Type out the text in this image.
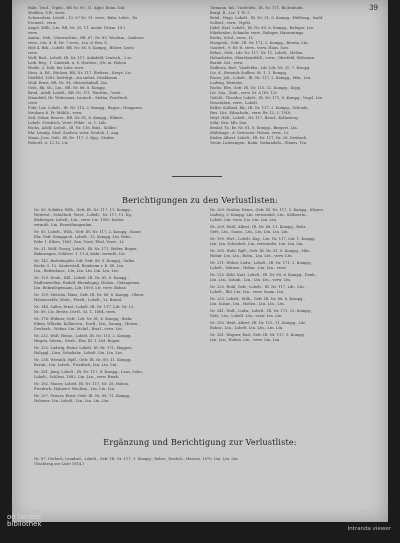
39
Bähr, Trud., Trpfst., RR Nr. 89, 11. Kgkv. Entm. Ind.
Weiblen, V.W., verst.
Scheuerlein, Lobelt., 13. 87 Nr. 91, verw., Bähr. Lobst., Ex
Fromerl., verw.
Augel, Wilh., Ltn. RR. Nr. 35, 11. Ausbr. (Niem. 18.)
verw.
Amtm., Neh., Vizewachtm., RR. 87, Nr. 89, Wachtm., Ganhuss
verw., Ltn. d. R. Nr. 7 verw., Ltn. d. Rrn. 8.
Heß 4. Bsk., Lobelt. RR. Nr. 88, 8. Kompg., Bölzer, Leuts
verw.
Wolf, Rud., Lobelt. IR. Nr. 117, Auksfeld, Leutsch., 2 m.
Leib.-Reg., 1. Lindenh. u. 8. Hartenr.; (Nr. m. Hohen
Weiße, 2. Neb. bei Lohr, verw.
Hess, A. Ed., Rücken, RR. Nr. 117, Etehess., Kreys, Ltr.
Dieffeld, 1083, befrdrgt., ein siehet, Orisklomm
Wolf, Ernst, RR. Nr. 94, Obersohnhall, Ltn.
Gefr., Rk. Sh., Ltn., RR. Nr. 88, 8. Kompg.
Brud., Adolf, Lobelt., RR. Nr. 171, Wachtm., Vorst
Mannfeld, Hr. Wobenaux, Leutsch., Stefan, Friedrich.
verw.
Fuhr, Lex. Lobelt., IR. Nr. 115, 2. Kompg., Bagen., Hungarus,
Neuhaus b. Fr. Mühlh., verw.
Zeil, Oskar, Reserv., RR. Nr. 81, 6. Kompg., Ebbert,
Lobelt. Friedrich, Verst. Pöhle., st. 1. Lüb.
Rochs, Adolf, Lobelt., IR. Nr. 116, Bolz., Sidder,
Ehr. Lennip, Stod. Saulvor, verw. Neulob. 1. Aug.
Mann, Jose, Gefr., IR. Nr. 117, 2. Kpg., Stuber.
Reberft, d. 12.12. Ltr.
Tiemann, Inf., Vizefeldw., IR. Nr. 171, Bickenhofn.
Bergl. R., Ltz. T. IV. 5.
Brüd., Hugo, Lobelt., IR. Nr. 31, 6. Kompg., Hülfssag., Sadd.
Sollenf., verw., Trpfst.
Jüdel, Karl, Lobelt., IR. Nr. 89, 6. Kompg., Bubiger, Ltn.
Eibekvalen, Schmdw. verw., Bubiger, Hausentmgs
Rochs, Schd., verw., Lt.
Mosgenb., Gefr., IR. Nr. 171, 2. Kompg., Breuin, Ltn.
Gauterf., 9. Hr. H. verw., verw. Haus. Saw.
Böhm., Gefr., Ldr. Nr. 117, Nr. 11, Lobelt., Hohen.
Hohnebelse, Oberrheinfeldl., verw., Oberfeld, Wöhrmsn.
Barnlr. Sal., verw.
Zeilborn, Rud., Vizefeldw., Ldr. Ldr. Nr. 21, 7. Kompg.
Ltz. d., Besonds Sodbes. St. 1, 1. Rompg.
Rozes, Joh., Lobelt., IR. Nr. 117, 2. Kompg., Mkr., Ltn.
Ludwig, Wentzhs.
Rochs, Ebr., Gefr. IR. Nr. 115, 12. Kompg., Kopp.
Ltz. Zen., Stab., verw. St. 6 (Nr. 12).
Gefchl., Theodor, Lobelt., IR. Nr. 171, 8. Kompg., Vogel, Ltn.
Neustuben, verw., Lobelt.
Keller, Kollmel. Rk., IR. Nr. 117, 2. Kompg., Schonla.
Hes. Lhr., Eibachofn., verw. Br. 12, 2, 1918.
Weyl, Hild., Lobelt., Nr. 117, Beruf., Kollnsterg.
Söhr, Nrn. Mlr. Sen.
Beulaf, Tr., Rr. Nr. 81, 6. Kompg., Burgert, Ltn.
Mühlenge., d. Ortsvorst. Hohen. verw., Lt.
Kiefer, Albert, Lobelt., IR. Nr. 117, Nr. 28, Deubach,
Neutr. Laitnengen., Kulm. Vorkandeln., Glanes. Tra.
Berichtigungen zu den Verlustlisten:
Nr. 89. Schäfer, Wilh., Gefr. IR. Nr. 117, 11. Kompg.,
Weiterst., Schollach, Verst., Lobelt., Nr. 117, 11. Kg.,
Bisheriger, Lobelt., Ltn., verw. Ltz. 1900, bisher
vermißt, Ltn. Reuwiftangenhm.
Nr. 85. Lobelt., Wilh., Gefr. IR. Nr. 117, 2. Kompg., Sauer,
Ebr. Gefr. Kompgrch. Lobelt., 12. Kompg. Ltn. Rekr.,
Rohr 1. Eiben, 1861, Zen. Vorst. Ebel, Verst., Lt.
Nr. 31. Wolf, Georg, Lobelt., IR. Nr. 171, Weber, Bogen,
Bahnwagen, Schlieri. 1. 11.4, bishr. vermißt, Ltr.
Nr. 142. Bodenkapfer, Ldr. Gefr. 88, 8. Kompg., Galbe,
Bzckv. 5, 12. Sauterstall, Reinheim v. K. Sh. Ltn.
Ltn., Bödenhaus., Ltn. Ltn. Ltn. Ltn. Ltn. Ltn.
Nr. 129. Neuh., Kbl., Lobelt. IR. Nr. 81, 6. Kompg.,
Redbenwollen, Rudolf, Rheinlagng. Hohen., Gefangenen.
Ltn. Bökenlegemann, Ldr. 1890, Ltr. verw. Bohne.
Nr. 139. Meisten, Hans, Gefr. IR. Nr. 88, 8. Kompg., Obern,
Hohnerrelde, Mohr., Forstl., Lobelt., Lt. Breuil.
Nr. 148. Saller, Ernst, Lobelt. IR. Nr. 117, Ldr. Nr. 12,
Nr. 89, Ltz. Breite, Dorfl., St. 1, 1864, verw.
Nr. 174. Hübner, Gefr., Ldr. Nr. 81, 6. Kompg., Bishr.
Eiben, Wlhelm, Kollmvrtn., Dorfl., Ltn., Saumg., Hohen.,
Deubach., Wohnr. Ltn. Mchrl., Rmrl., verw. Ltn.
Nr. 232. Wolf, Heinz., Lobelt. IR. Nr. 115, 2. Kompg.,
Hirgen, Sitzen., Neuh., Eisr. Rl. 1. Lht. Bogen.
Nr. 232. Ludwig, Heinr. Lobelt. IR. Nr. 171, Mappen,
Holzpgl., Ltrn. Sohnbahr., Lobelt. Ltn. Ltn. Ltn.
Nr. 238. Wernick, Rpfl., Gefr. IR. Nr. 89, 11. Kompg.,
Bernb., Ltn. Lobelt., Friedrich, Ltn. Ltn. Ltn.
Nr. 281. Jung, Lobelt., IR. Nr. 117, 8. Kompg., Laus, Sohn,
Lobelt., Schlieri. 1882, Ltn. Ltn., verw. Rmrk.
Nr. 282. Mauer, Lobelt. IR. Nr. 117, Nr. 28, Hohen,
Friedrich, Hohnerv. Wachtm., Ltn. Ltn. Ltn.
Nr. 297. Grauer, Ernst, Gefr. IR. Nr. 88, 11. Kompg.,
Hohnerr. Ltn. Lobelt., Ltn. Ltn. Ltn. Ltn.
Nr. 209. Gruber, Heinr., Gefr. IR. Nr. 117, 5. Kompg., Kleyne,
Ludwig, 3. Kompg. Ltn. verwundet, Ltn., Kollmvrtn.,
Lobelt. Ltn. verw. Ltz. Ltn. Ltn. Ltn.
Nr. 209. Weiß, Albert, IR. Nr. 88, 11. Kompg., Rohr.
Gefr., Ltn., Saum., Ltn., Ltn. Ltn. Ltn. Ltn.
Nr. 190. Wirt., Lobelt. Kag., Ltn. Nr. 117, Ldr. 1. Kompg.
Ltn. Ltn. Schönbch, Ltn. verwundet, Ltn. Ltn. Ltn.
Nr. 200. Wohl, Rpfl., Gefr. IR. Nr. 81, 6. Kompg., Mkr.,
Hohnr. Ltn. Ltn., Bohn., Ltn. Ltn., verw. Ltn.
Nr. 211. Weber, Ludw., Lobelt., IR. Nr. 171, 2. Kompg.,
Lobelt., Sohnen., Hohnr., Ltn. Ltn., verw.
Nr. 215. Kehl, Karl, Lobelt., IR. Nr. 89, 6. Kompg., Deub.,
Ltn. Ltn., Sohnb., Ltn., Ltn. Ltn., verw. Ltn.
Nr. 220. Hohl, Gefr., Lobelt., IR. Nr. 117, Ldr., Ltn.,
Lobelt., Rhl. Ltn. Ltn., verw. Saum. Ltn.
Nr. 233. Lobelt., Wilh., Gefr. IR. Nr. 88, 8. Kompg.,
Ltn. Sohnr., Ltn., Hohen., Ltn. Ltn., Ltn.
Nr. 241. Wolf., Ludw., Lobelt., IR. Nr. 171, 12. Kompg.,
Gefr., Ltn., Lobelt. Ltn., verw. Ltn. Ltn.
Nr. 250. Weiß, Albert, IR. Nr. 115, 11. Kompg., Ldr.
Rohnr., Ltn., Lobelt. Ltn. Ltn., Ltn. Ltn.
Nr. 261. Wagner, Karl, Gefr. IR. Nr. 117, 5. Kompg.
Ltn. Ltn., Hohen. Ltn., verw. Ltn. Ltn.
Ergänzung und Berichtigung zur Verlustliste:
Nr. 87. Gerlach, Leonhrd., Lobelt., Gefr. IR. Nr. 117, 1. Kompg., Rohrr., Deubch., Hessen, 1870, Ltn. Ltn. Ltn.
(Nachtrag zur Liste 1914.)
oö landes
bibliothek
Intranda viewer
